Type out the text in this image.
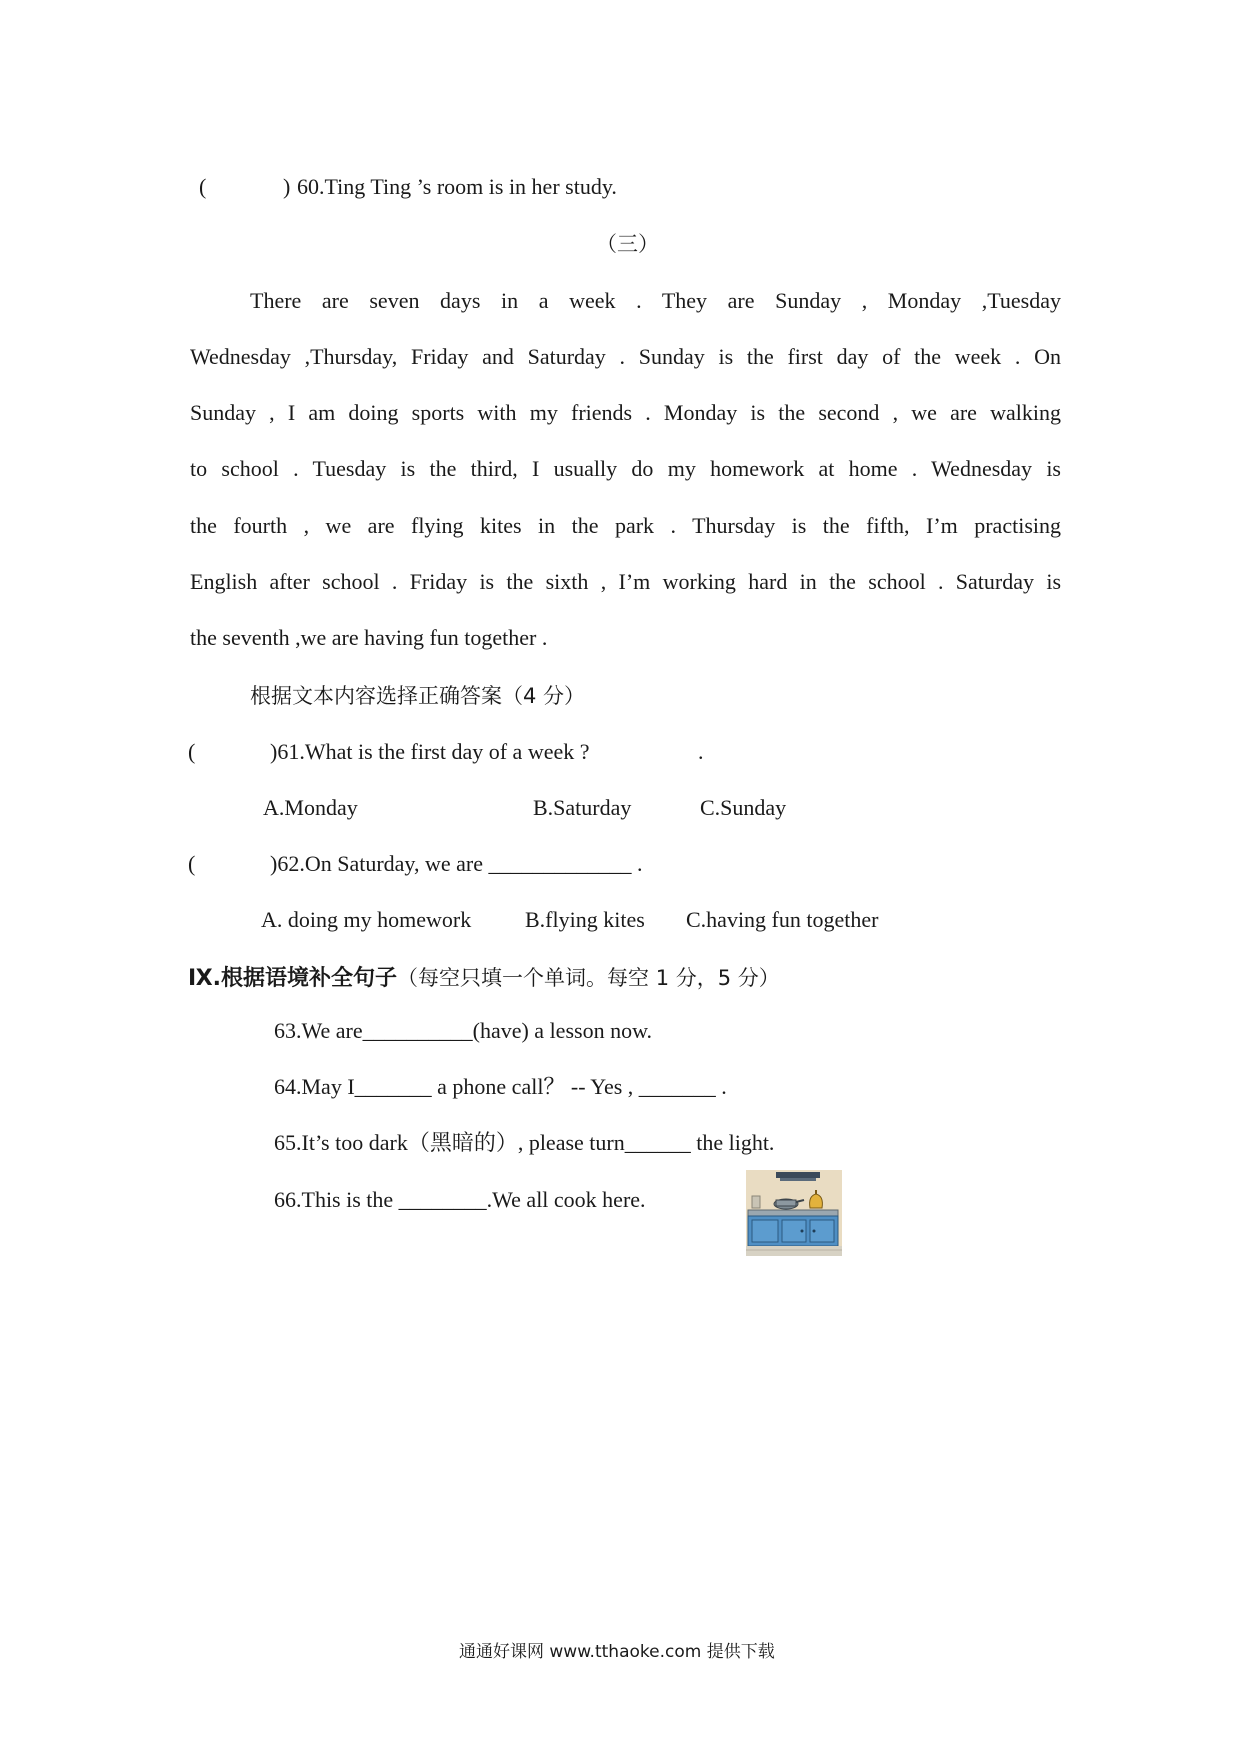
(	) 60.Ting Ting ’s room is in her study.
（三）
There are seven days in a week . They are Sunday , Monday ,Tuesday
Wednesday ,Thursday, Friday and Saturday . Sunday is the first day of the week . On
Sunday , I am doing sports with my friends . Monday is the second , we are walking
to school . Tuesday is the third, I usually do my homework at home . Wednesday is
the fourth , we are flying kites in the park . Thursday is the fifth, I’m practising
English after school . Friday is the sixth , I’m working hard in the school . Saturday is
the seventh ,we are having fun together .
根据文本内容选择正确答案（4 分）
(	)61.What is the first day of a week ?	.
A.Monday	B.Saturday	C.Sunday
(	)62.On Saturday, we are _____________ .
A. doing my homework B.flying kites C.having fun together
Ⅸ.根据语境补全句子（每空只填一个单词。每空 1 分，5 分）
63.We are__________(have) a lesson now.
64.May I_______ a phone call？ -- Yes , _______ .
65.It’s too dark（黑暗的）, please turn______ the light.
66.This is the ________.We all cook here.
通通好课网 www.tthaoke.com 提供下载
